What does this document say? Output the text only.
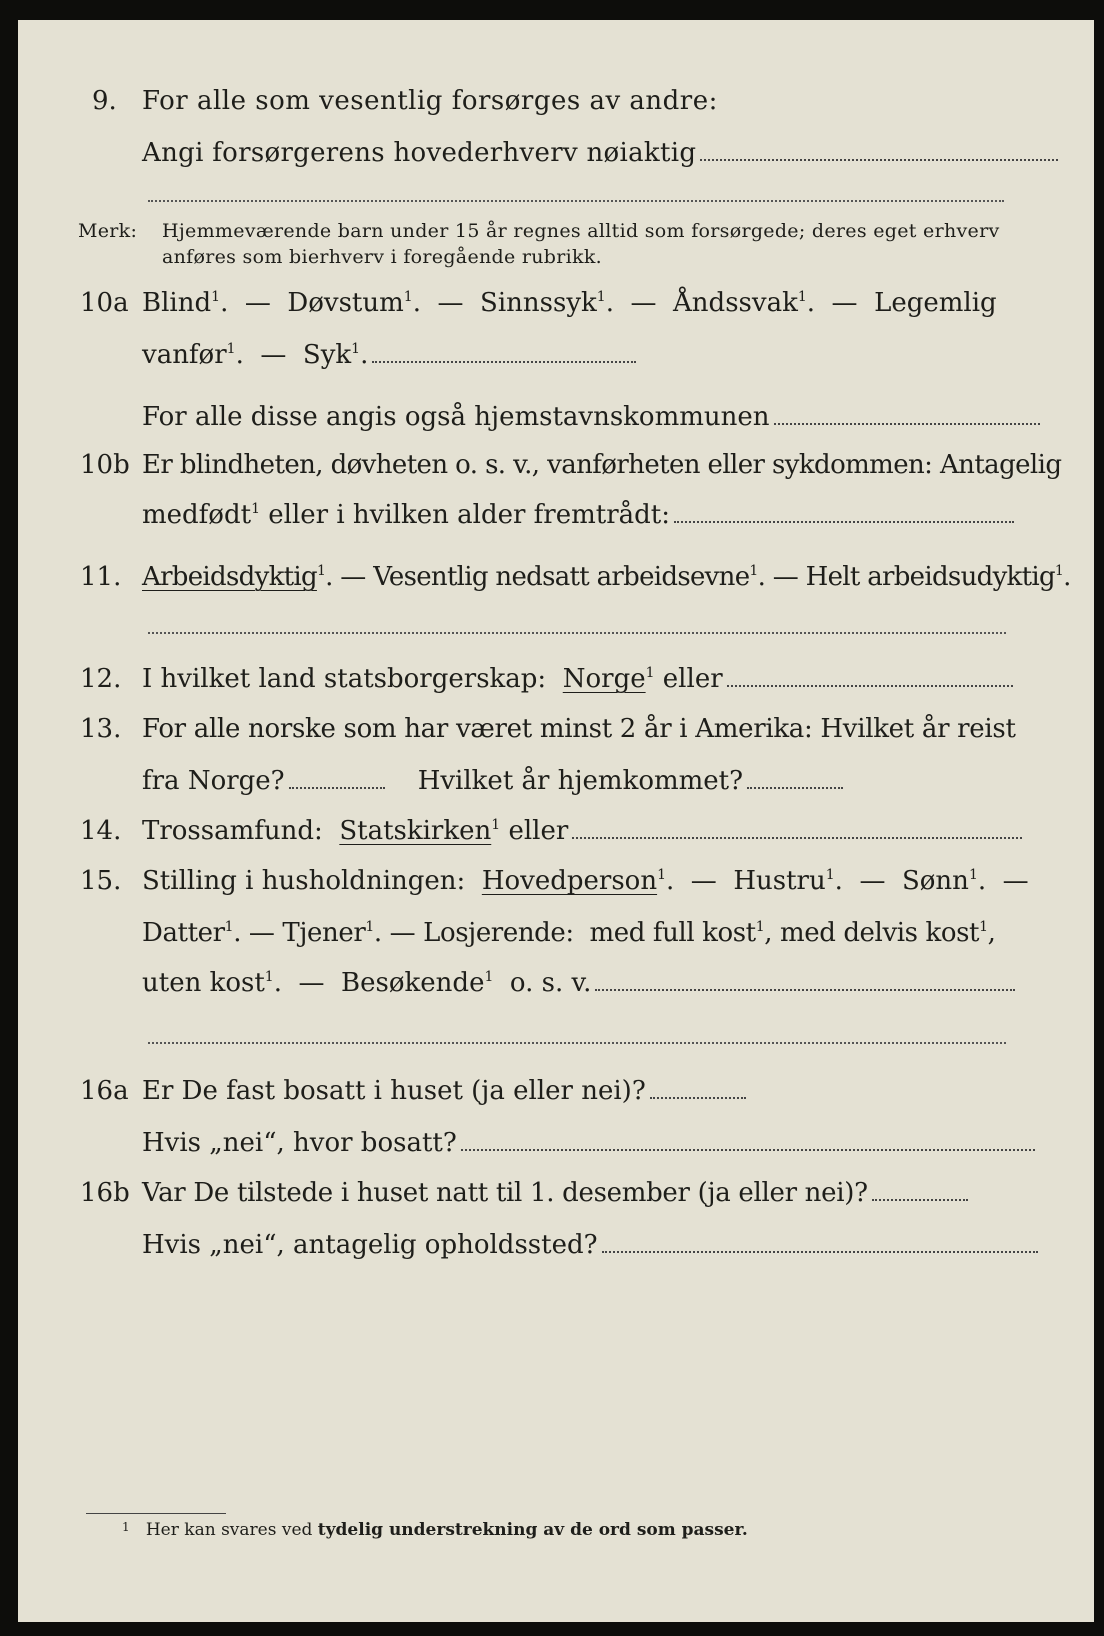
9. For alle som vesentlig forsørges av andre:
Angi forsørgerens hovederhverv nøiaktig
Merk: Hjemmeværende barn under 15 år regnes alltid som forsørgede; deres eget erhverv
anføres som bierhverv i foregående rubrikk.
10a Blind$^1$.  — Døvstum$^1$.  — Sinnssyk$^1$.  — Åndssvak$^1$.  — Legemlig
vanfør$^1$.  — Syk$^1$.
For alle disse angis også hjemstavnskommunen
10b Er blindheten, døvheten o. s. v., vanførheten eller sykdommen: Antagelig
medfødt$^1$ eller i hvilken alder fremtrådt:
11. Arbeidsdyktig$^1$. — Vesentlig nedsatt arbeidsevne$^1$. — Helt arbeidsudyktig$^1$.
12. I hvilket land statsborgerskap: Norge$^1$ eller
13. For alle norske som har været minst 2 år i Amerika: Hvilket år reist
fra Norge?	Hvilket år hjemkommet?
14. Trossamfund: Statskirken$^1$ eller
15. Stilling i husholdningen: Hovedperson$^1$.  — Hustru$^1$.  — Sønn$^1$.  —
Datter$^1$. — Tjener$^1$. — Losjerende: med full kost$^1$, med delvis kost$^1$,
uten kost$^1$.  — Besøkende$^1$ o. s. v.
16a Er De fast bosatt i huset (ja eller nei)?
Hvis „nei“, hvor bosatt?
16b Var De tilstede i huset natt til 1. desember (ja eller nei)?
Hvis „nei“, antagelig opholdssted?
$^1$ Her kan svares ved tydelig understrekning av de ord som passer.
